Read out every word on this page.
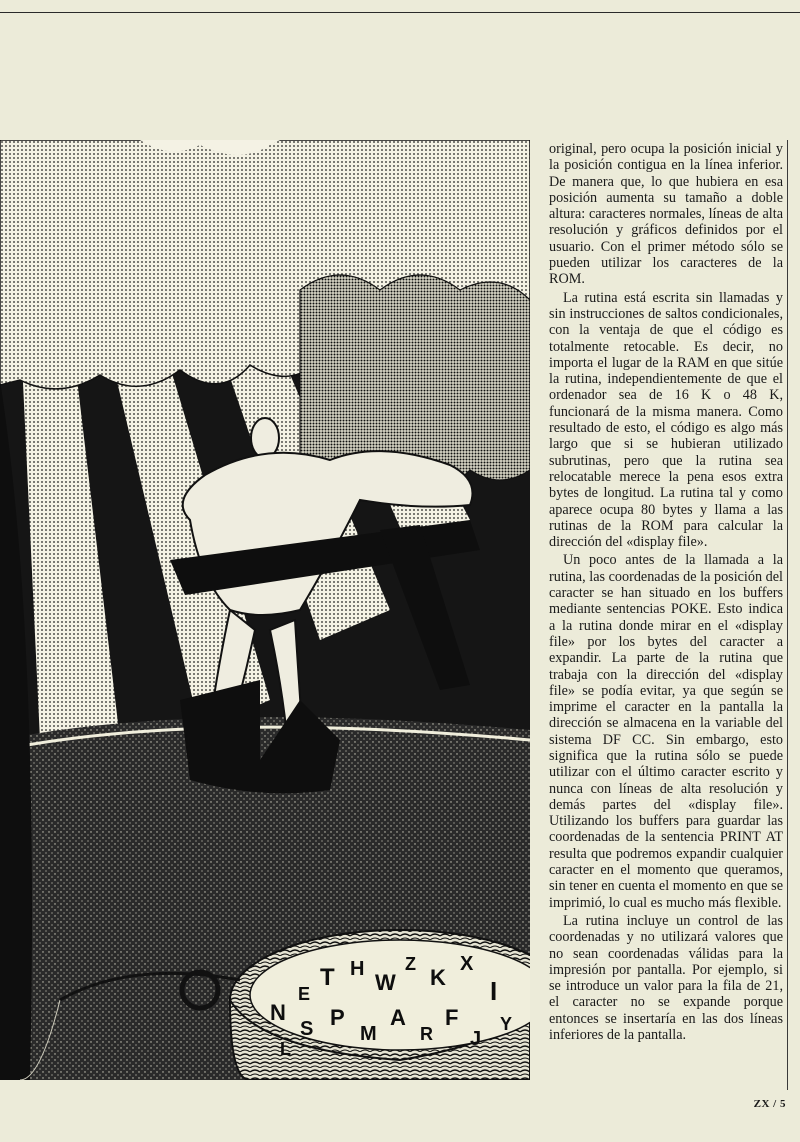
N
E
T H
W
Z
K
X
I
S P
M
A
R
F
J
Y
L

original, pero ocupa la posición inicial y la posición contigua en la línea inferior. De manera que, lo que hubiera en esa posición aumenta su tamaño a doble altura: caracteres normales, líneas de alta resolución y gráficos definidos por el usuario. Con el primer método sólo se pueden utilizar los caracteres de la ROM.

La rutina está escrita sin llamadas y sin instrucciones de saltos condicionales, con la ventaja de que el código es totalmente retocable. Es decir, no importa el lugar de la RAM en que sitúe la rutina, independientemente de que el ordenador sea de 16 K o 48 K, funcionará de la misma manera. Como resultado de esto, el código es algo más largo que si se hubieran utilizado subrutinas, pero que la rutina sea relocatable merece la pena esos extra bytes de longitud. La rutina tal y como aparece ocupa 80 bytes y llama a las rutinas de la ROM para calcular la dirección del «display file».

Un poco antes de la llamada a la rutina, las coordenadas de la posición del caracter se han situado en los buffers mediante sentencias POKE. Esto indica a la rutina donde mirar en el «display file» por los bytes del caracter a expandir. La parte de la rutina que trabaja con la dirección del «display file» se podía evitar, ya que según se imprime el caracter en la pantalla la dirección se almacena en la variable del sistema DF CC. Sin embargo, esto significa que la rutina sólo se puede utilizar con el último caracter escrito y nunca con líneas de alta resolución y demás partes del «display file». Utilizando los buffers para guardar las coordenadas de la sentencia PRINT AT resulta que podremos expandir cualquier caracter en el momento que queramos, sin tener en cuenta el momento en que se imprimió, lo cual es mucho más flexible.

La rutina incluye un control de las coordenadas y no utilizará valores que no sean coordenadas válidas para la impresión por pantalla. Por ejemplo, si se introduce un valor para la fila de 21, el caracter no se expande porque entonces se insertaría en las dos líneas inferiores de la pantalla.

ZX / 5
